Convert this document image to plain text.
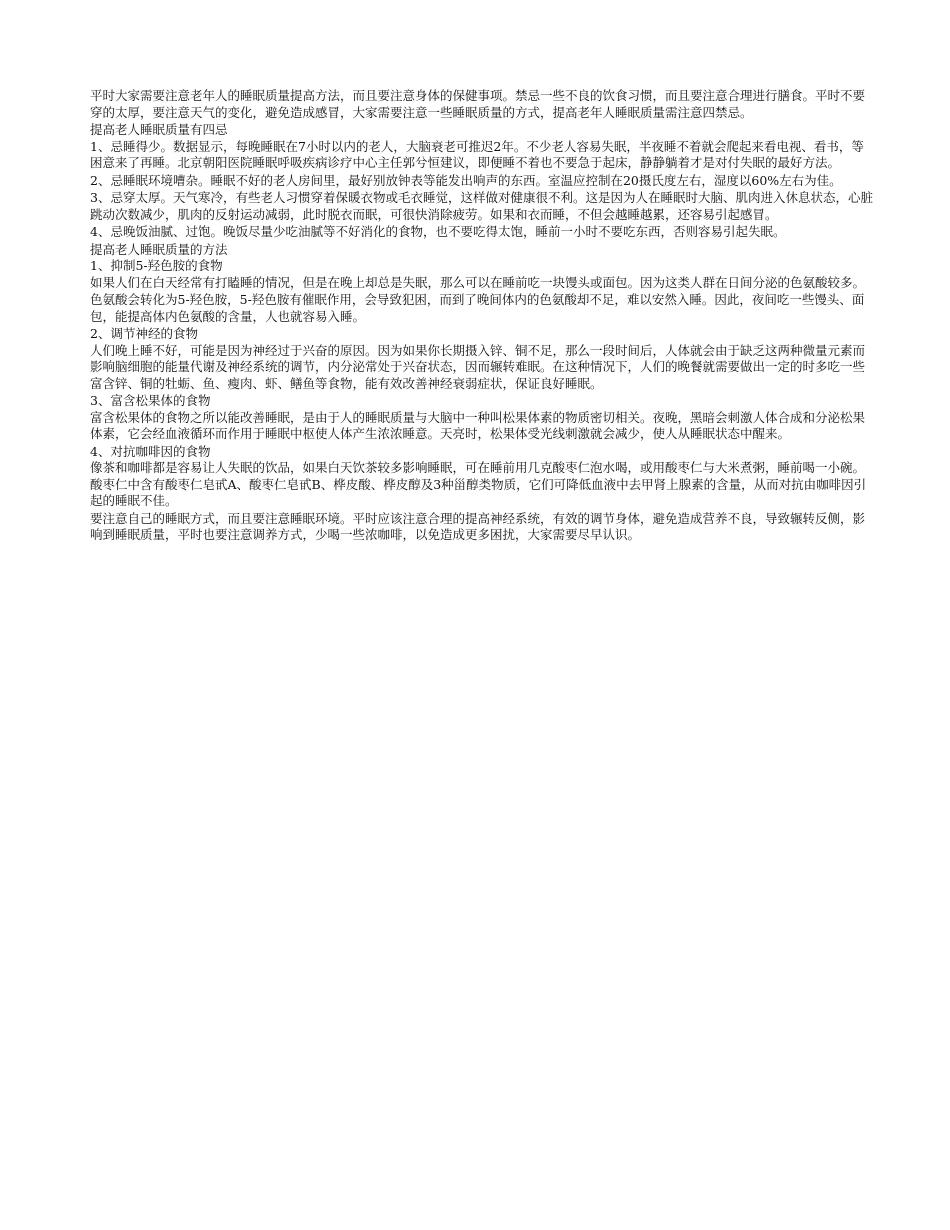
平时大家需要注意老年人的睡眠质量提高方法，而且要注意身体的保健事项。禁忌一些不良的饮食习惯，而且要注意合理进行膳食。平时不要穿的太厚，要注意天气的变化，避免造成感冒，大家需要注意一些睡眠质量的方式，提高老年人睡眠质量需注意四禁忌。

提高老人睡眠质量有四忌

1、忌睡得少。数据显示，每晚睡眠在7小时以内的老人，大脑衰老可推迟2年。不少老人容易失眠，半夜睡不着就会爬起来看电视、看书，等困意来了再睡。北京朝阳医院睡眠呼吸疾病诊疗中心主任郭兮恒建议，即便睡不着也不要急于起床，静静躺着才是对付失眠的最好方法。

2、忌睡眠环境嘈杂。睡眠不好的老人房间里，最好别放钟表等能发出响声的东西。室温应控制在20摄氏度左右，湿度以60%左右为佳。

3、忌穿太厚。天气寒冷，有些老人习惯穿着保暖衣物或毛衣睡觉，这样做对健康很不利。这是因为人在睡眠时大脑、肌肉进入休息状态，心脏跳动次数减少，肌肉的反射运动减弱，此时脱衣而眠，可很快消除疲劳。如果和衣而睡，不但会越睡越累，还容易引起感冒。

4、忌晚饭油腻、过饱。晚饭尽量少吃油腻等不好消化的食物，也不要吃得太饱，睡前一小时不要吃东西，否则容易引起失眠。

提高老人睡眠质量的方法

1、抑制5-羟色胺的食物

如果人们在白天经常有打瞌睡的情况，但是在晚上却总是失眠，那么可以在睡前吃一块馒头或面包。因为这类人群在日间分泌的色氨酸较多。

色氨酸会转化为5-羟色胺，5-羟色胺有催眠作用，会导致犯困，而到了晚间体内的色氨酸却不足，难以安然入睡。因此，夜间吃一些馒头、面包，能提高体内色氨酸的含量，人也就容易入睡。

2、调节神经的食物

人们晚上睡不好，可能是因为神经过于兴奋的原因。因为如果你长期摄入锌、铜不足，那么一段时间后，人体就会由于缺乏这两种微量元素而影响脑细胞的能量代谢及神经系统的调节，内分泌常处于兴奋状态，因而辗转难眠。在这种情况下，人们的晚餐就需要做出一定的时多吃一些富含锌、铜的牡蛎、鱼、瘦肉、虾、鳝鱼等食物，能有效改善神经衰弱症状，保证良好睡眠。

3、富含松果体的食物

富含松果体的食物之所以能改善睡眠，是由于人的睡眠质量与大脑中一种叫松果体素的物质密切相关。夜晚，黑暗会刺激人体合成和分泌松果体素，它会经血液循环而作用于睡眠中枢使人体产生浓浓睡意。天亮时，松果体受光线刺激就会减少，使人从睡眠状态中醒来。

4、对抗咖啡因的食物

像茶和咖啡都是容易让人失眠的饮品，如果白天饮茶较多影响睡眠，可在睡前用几克酸枣仁泡水喝，或用酸枣仁与大米煮粥，睡前喝一小碗。酸枣仁中含有酸枣仁皂甙A、酸枣仁皂甙B、桦皮酸、桦皮醇及3种甾醇类物质，它们可降低血液中去甲肾上腺素的含量，从而对抗由咖啡因引起的睡眠不佳。

要注意自己的睡眠方式，而且要注意睡眠环境。平时应该注意合理的提高神经系统，有效的调节身体，避免造成营养不良，导致辗转反侧，影响到睡眠质量，平时也要注意调养方式，少喝一些浓咖啡，以免造成更多困扰，大家需要尽早认识。
